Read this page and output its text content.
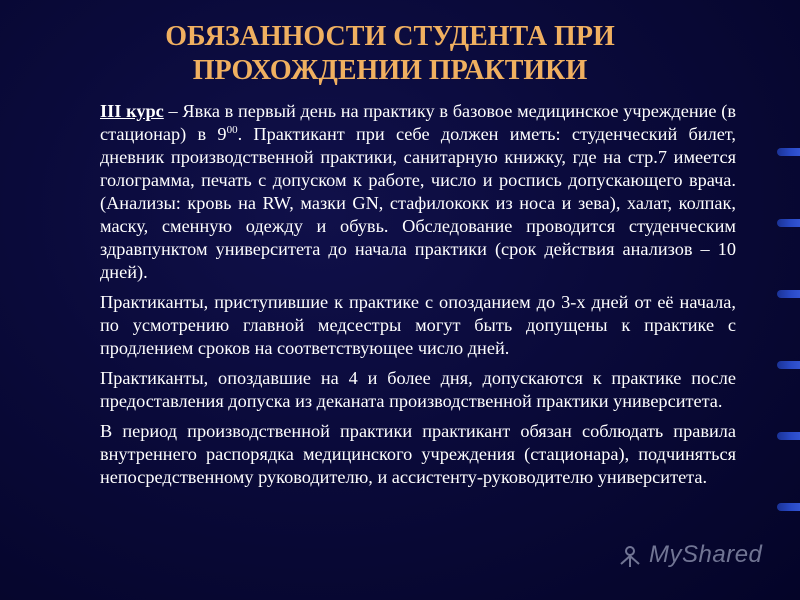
ОБЯЗАННОСТИ СТУДЕНТА ПРИ
ПРОХОЖДЕНИИ ПРАКТИКИ

III курс – Явка в первый день на практику в базовое медицинское учреждение (в стационар) в $9^{00}$. Практикант при себе должен иметь: студенческий билет, дневник производственной практики, санитарную книжку, где на стр.7 имеется голограмма, печать с допуском к работе, число и роспись допускающего врача. (Анализы: кровь на RW, мазки GN, стафилококк из носа и зева), халат, колпак, маску, сменную одежду и обувь. Обследование проводится студенческим здравпунктом университета до начала практики (срок действия анализов – 10 дней).

Практиканты, приступившие к практике с опозданием до 3-х дней от её начала, по усмотрению главной медсестры могут быть допущены к практике с продлением сроков на соответствующее число дней.

Практиканты, опоздавшие на 4 и более дня, допускаются к практике после предоставления допуска из деканата производственной практики университета.

В период производственной практики практикант обязан соблюдать правила внутреннего распорядка медицинского учреждения (стационара), подчиняться непосредственному руководителю, и ассистенту-руководителю университета.

MyShared
